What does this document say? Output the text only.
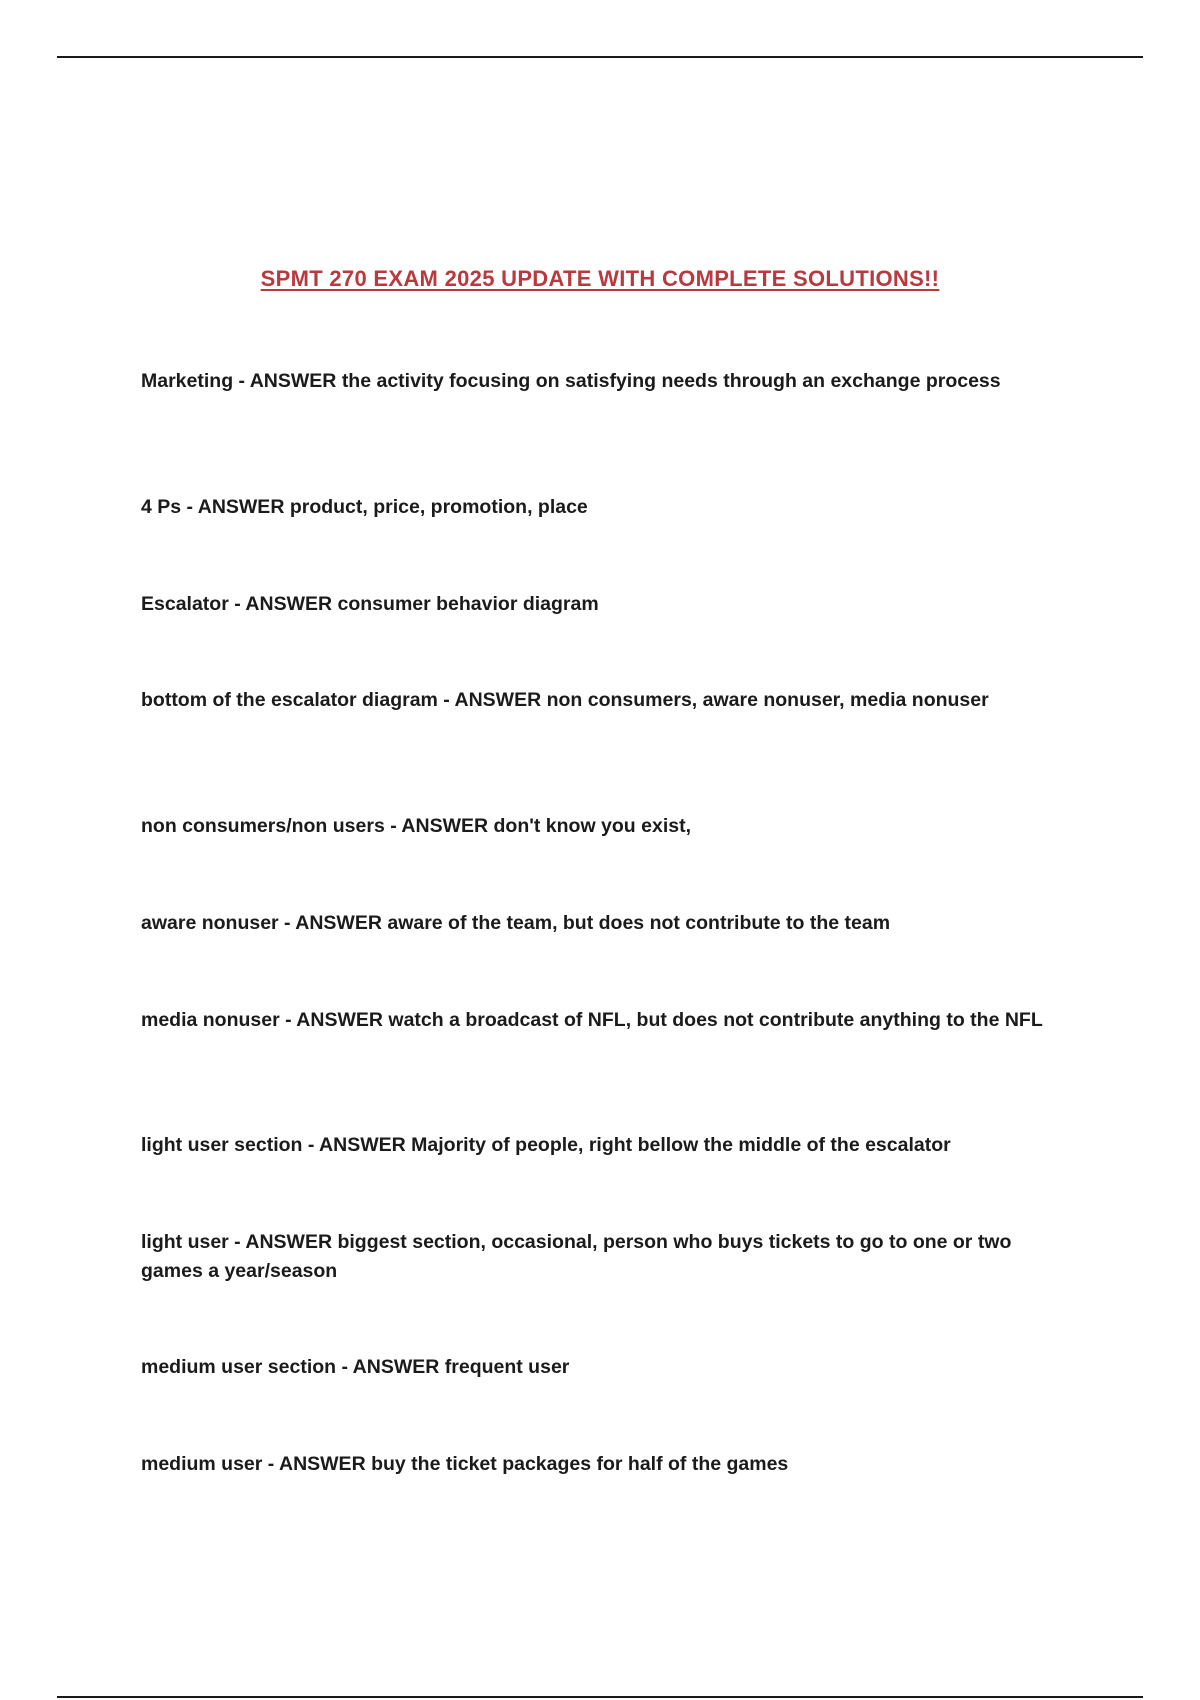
SPMT 270 EXAM 2025 UPDATE WITH COMPLETE SOLUTIONS!!
Marketing - ANSWER the activity focusing on satisfying needs through an exchange process
4 Ps - ANSWER product, price, promotion, place
Escalator - ANSWER consumer behavior diagram
bottom of the escalator diagram - ANSWER non consumers, aware nonuser, media nonuser
non consumers/non users - ANSWER don't know you exist,
aware nonuser - ANSWER aware of the team, but does not contribute to the team
media nonuser - ANSWER watch a broadcast of NFL, but does not contribute anything to the NFL
light user section - ANSWER Majority of people, right bellow the middle of the escalator
light user - ANSWER biggest section, occasional, person who buys tickets to go to one or two games a year/season
medium user section - ANSWER frequent user
medium user - ANSWER buy the ticket packages for half of the games
